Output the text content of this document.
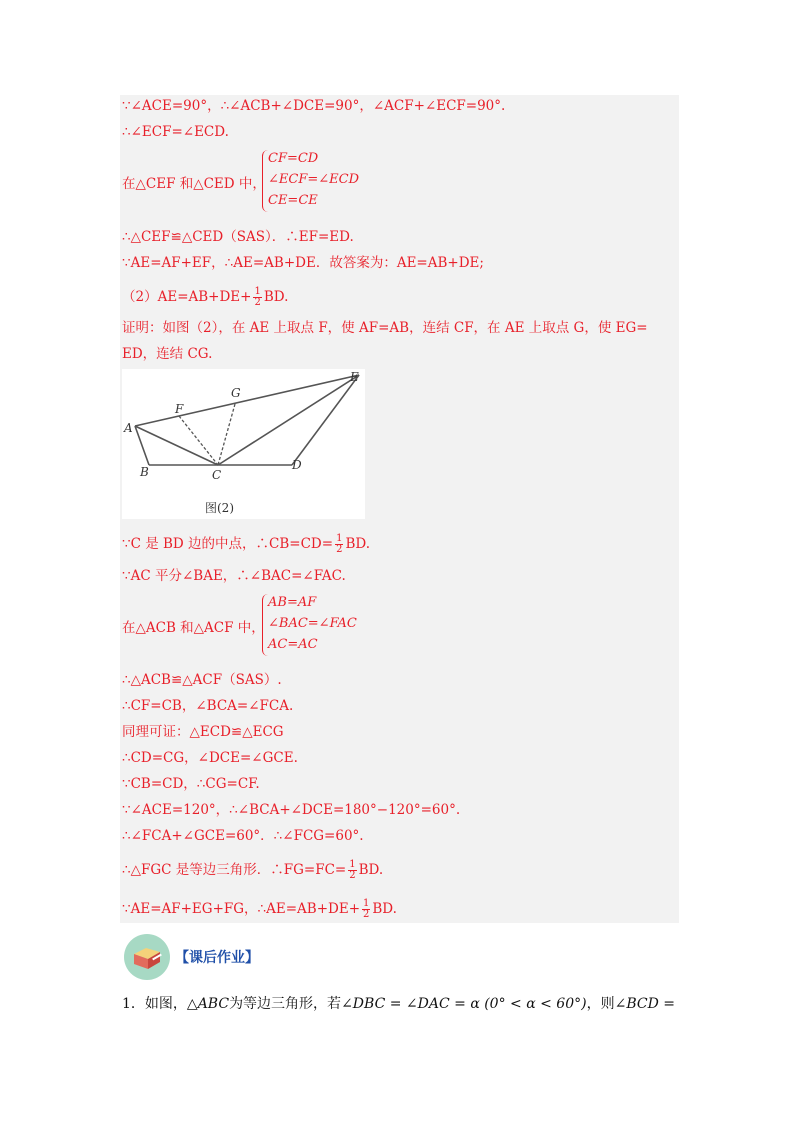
∵∠ACE=90°，∴∠ACB+∠DCE=90°，∠ACF+∠ECF=90°.
∴∠ECF=∠ECD.
在△CEF 和△CED 中，
CF=CD
∠ECF=∠ECD
CE=CE
∴△CEF≌△CED（SAS）．∴EF=ED.
∵AE=AF+EF，∴AE=AB+DE．故答案为：AE=AB+DE;
$(2)AE=AB+DE+ \frac{1}{2}$ BD.
证明：如图（2），在 AE 上取点 F，使 AF=AB，连结 CF，在 AE 上取点 G，使 EG=
ED，连结 CG.
A
B	C
D
E
F
G
图(2)
∵C 是 BD 边的中点，∴CB=CD= $\frac{1}{2}$ BD.
∵AC 平分∠BAE，∴∠BAC=∠FAC.
在△ACB 和△ACF 中，
AB=AF
∠BAC=∠FAC
AC=AC
∴△ACB≌△ACF（SAS）.
∴CF=CB，∠BCA=∠FCA.
同理可证：△ECD≌△ECG
∴CD=CG，∠DCE=∠GCE.
∵CB=CD，∴CG=CF.
∵∠ACE=120°，∴∠BCA+∠DCE=180°−120°=60°.
∴∠FCA+∠GCE=60°．∴∠FCG=60°.
∴△FGC 是等边三角形．∴FG=FC= $\frac{1}{2}$ BD.
∵AE=AF+EG+FG，∴AE=AB+DE+ $\frac{1}{2}$ BD.
【课后作业】
1．如图，△ABC为等边三角形，若∠DBC = ∠DAC = α (0° < α < 60°)，则∠BCD =
